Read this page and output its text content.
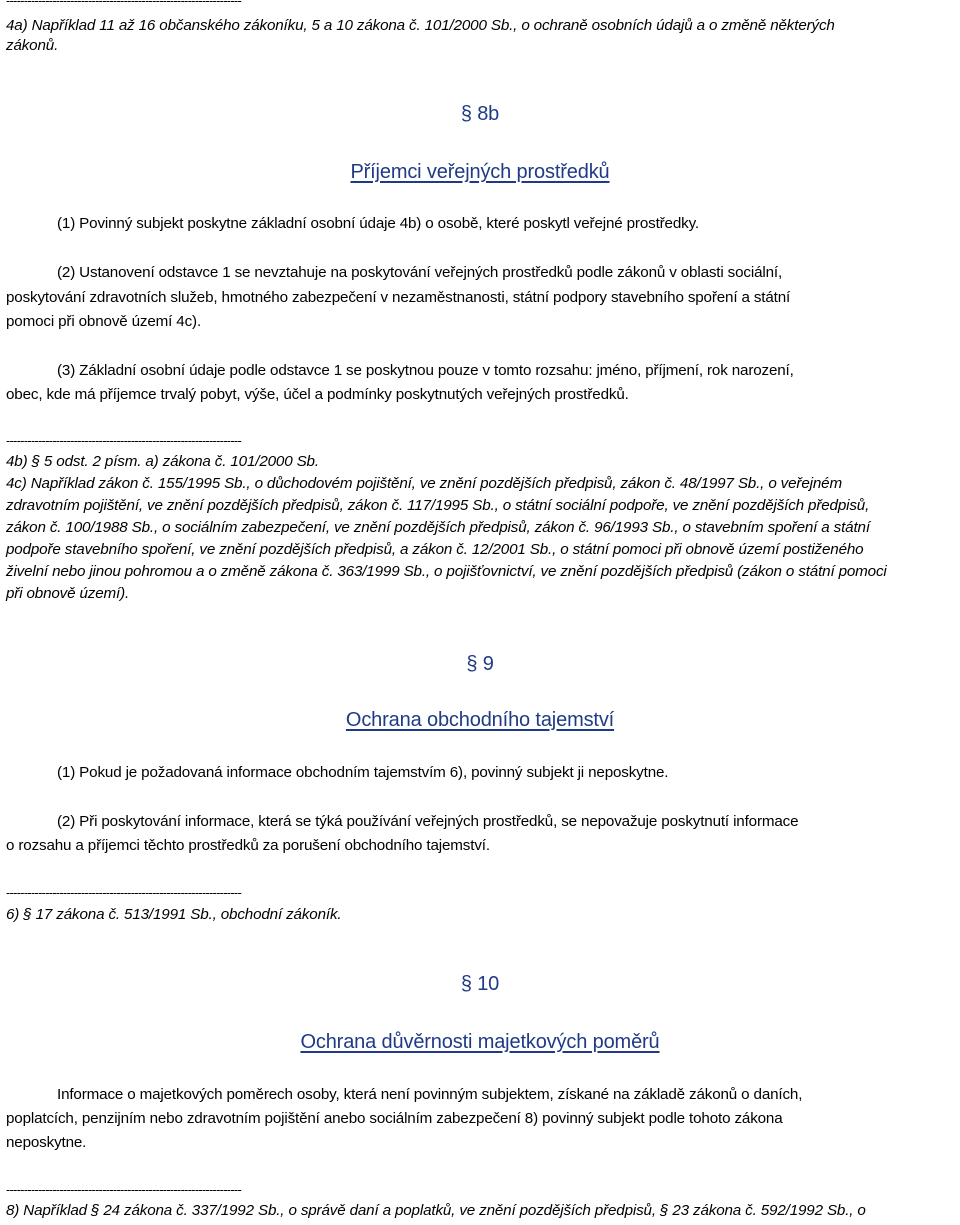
------------------------------------------------------------------
4a) Například 11 až 16 občanského zákoníku, 5 a 10 zákona č. 101/2000 Sb., o ochraně osobních údajů a o změně některých
zákonů.
§ 8b
Příjemci veřejných prostředků
(1) Povinný subjekt poskytne základní osobní údaje 4b) o osobě, které poskytl veřejné prostředky.
(2) Ustanovení odstavce 1 se nevztahuje na poskytování veřejných prostředků podle zákonů v oblasti sociální,
poskytování zdravotních služeb, hmotného zabezpečení v nezaměstnanosti, státní podpory stavebního spoření a státní
pomoci při obnově území 4c).
(3) Základní osobní údaje podle odstavce 1 se poskytnou pouze v tomto rozsahu: jméno, příjmení, rok narození,
obec, kde má příjemce trvalý pobyt, výše, účel a podmínky poskytnutých veřejných prostředků.
------------------------------------------------------------------
4b) § 5 odst. 2 písm. a) zákona č. 101/2000 Sb.
4c) Například zákon č. 155/1995 Sb., o důchodovém pojištění, ve znění pozdějších předpisů, zákon č. 48/1997 Sb., o veřejném
zdravotním pojištění, ve znění pozdějších předpisů, zákon č. 117/1995 Sb., o státní sociální podpoře, ve znění pozdějších předpisů,
zákon č. 100/1988 Sb., o sociálním zabezpečení, ve znění pozdějších předpisů, zákon č. 96/1993 Sb., o stavebním spoření a státní
podpoře stavebního spoření, ve znění pozdějších předpisů, a zákon č. 12/2001 Sb., o státní pomoci při obnově území postiženého
živelní nebo jinou pohromou a o změně zákona č. 363/1999 Sb., o pojišťovnictví, ve znění pozdějších předpisů (zákon o státní pomoci
při obnově území).
§ 9
Ochrana obchodního tajemství
(1) Pokud je požadovaná informace obchodním tajemstvím 6), povinný subjekt ji neposkytne.
(2) Při poskytování informace, která se týká používání veřejných prostředků, se nepovažuje poskytnutí informace
o rozsahu a příjemci těchto prostředků za porušení obchodního tajemství.
------------------------------------------------------------------
6) § 17 zákona č. 513/1991 Sb., obchodní zákoník.
§ 10
Ochrana důvěrnosti majetkových poměrů
Informace o majetkových poměrech osoby, která není povinným subjektem, získané na základě zákonů o daních,
poplatcích, penzijním nebo zdravotním pojištění anebo sociálním zabezpečení 8) povinný subjekt podle tohoto zákona
neposkytne.
------------------------------------------------------------------
8) Například § 24 zákona č. 337/1992 Sb., o správě daní a poplatků, ve znění pozdějších předpisů, § 23 zákona č. 592/1992 Sb., o
